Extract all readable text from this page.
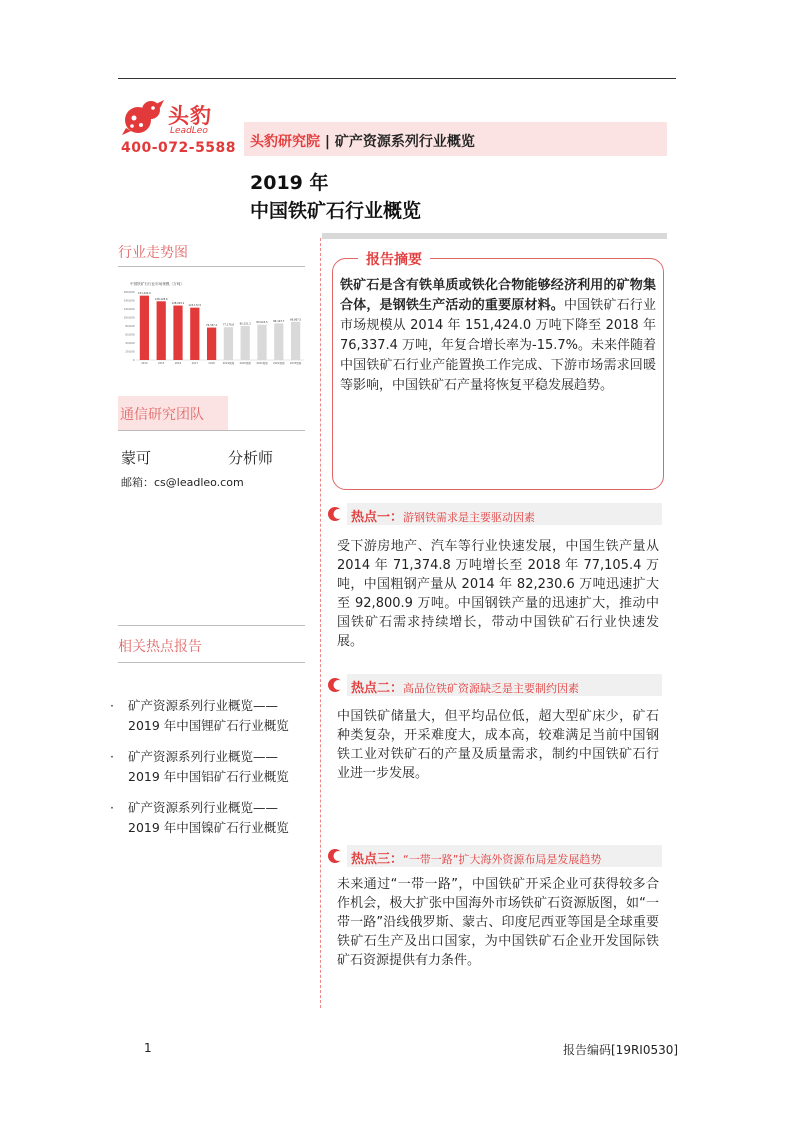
头豹
LeadLeo
400-072-5588 头豹研究院 | 矿产资源系列行业概览
2019 年
中国铁矿石行业概览
行业走势图
中国铁矿石行业市场规模（万吨）
160,000
140,000
120,000
100,000
80,000
60,000
40,000
20,000
0
151,424.0
2014
138,128.6
2015
128,093.2
2016
123,172.5
2017
76,337.4
2018
77,176.8
2019预测
80,151.3
2020预测
83,024.5
2021预测
86,123.7
2022预测
89,867.5
2023预测
通信研究团队
蒙可	分析师
邮箱：cs@leadleo.com
相关热点报告
· 矿产资源系列行业概览——
2019 年中国锂矿石行业概览
· 矿产资源系列行业概览——
2019 年中国铝矿石行业概览
· 矿产资源系列行业概览——
2019 年中国镍矿石行业概览
报告摘要
铁矿石是含有铁单质或铁化合物能够经济利用的矿物集合体，是钢铁生产活动的重要原材料。中国铁矿石行业市场规模从 2014 年 151,424.0 万吨下降至 2018 年 76,337.4 万吨，年复合增长率为-15.7%。未来伴随着中国铁矿石行业产能置换工作完成、下游市场需求回暖等影响，中国铁矿石产量将恢复平稳发展趋势。
热点一：游钢铁需求是主要驱动因素
受下游房地产、汽车等行业快速发展，中国生铁产量从 2014 年 71,374.8 万吨增长至 2018 年 77,105.4 万吨，中国粗钢产量从 2014 年 82,230.6 万吨迅速扩大至 92,800.9 万吨。中国钢铁产量的迅速扩大，推动中国铁矿石需求持续增长，带动中国铁矿石行业快速发展。
热点二：高品位铁矿资源缺乏是主要制约因素
中国铁矿储量大，但平均品位低，超大型矿床少，矿石种类复杂，开采难度大，成本高，较难满足当前中国钢铁工业对铁矿石的产量及质量需求，制约中国铁矿石行业进一步发展。
热点三：“一带一路”扩大海外资源布局是发展趋势
未来通过“一带一路”，中国铁矿开采企业可获得较多合作机会，极大扩张中国海外市场铁矿石资源版图，如“一带一路”沿线俄罗斯、蒙古、印度尼西亚等国是全球重要铁矿石生产及出口国家，为中国铁矿石企业开发国际铁矿石资源提供有力条件。
1	报告编码[19RI0530]
